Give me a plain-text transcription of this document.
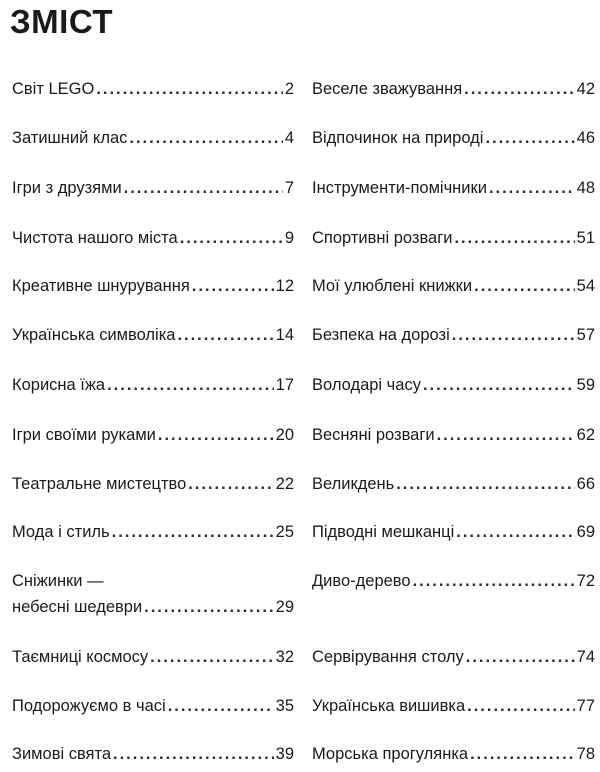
ЗМІСТ
Світ LEGO . . .	2
Затишний клас . . .	4
Ігри з друзями . . .	7
Чистота нашого міста . . .	9
Креативне шнурування . . .	12
Українська символіка . . .	14
Корисна їжа . . .	17
Ігри своїми руками . . .	20
Театральне мистецтво . . .	22
Мода і стиль . . .	25
Сніжинки —
небесні шедеври . . .	29
Таємниці космосу . . .	32
Подорожуємо в часі . . .	35
Зимові свята . . .	39
Веселе зважування . . .	42
Відпочинок на природі . . .	46
Інструменти-помічники . . .	48
Спортивні розваги . . .	51
Мої улюблені книжки . . .	54
Безпека на дорозі . . .	57
Володарі часу . . .	59
Весняні розваги . . .	62
Великдень . . .	66
Підводні мешканці . . .	69
Диво-дерево . . .	72
Сервірування столу . . .	74
Українська вишивка . . .	77
Морська прогулянка . . .	78
